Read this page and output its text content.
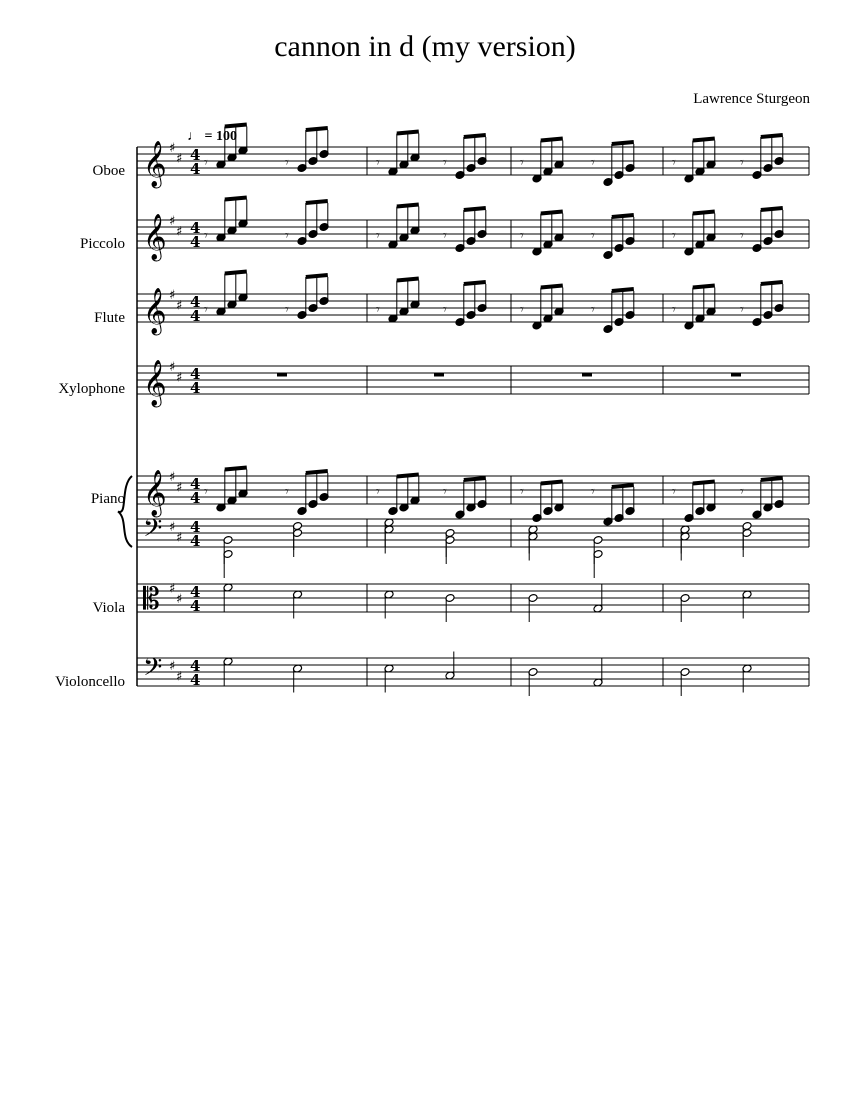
cannon in d (my version)
Lawrence Sturgeon
♩ = 100
Oboe
Piccolo
Flute
Xylophone
Piano
Viola
Violoncello
𝄞 ♯
♯ 4
4
𝄞 ♯
♯ 4
4
𝄞 ♯
♯ 4
4
𝄞 ♯
♯ 4
4
𝄞 ♯
♯ 4
4
𝄢 ♯
♯
4
4
𝄡 ♯
♯ 4
4
𝄢 ♯
♯
4
4
𝄾	𝄾	𝄾	𝄾	𝄾	𝄾	𝄾	𝄾
𝄾	𝄾	𝄾	𝄾	𝄾	𝄾	𝄾	𝄾
𝄾	𝄾	𝄾	𝄾	𝄾	𝄾	𝄾	𝄾
𝄾	𝄾	𝄾	𝄾	𝄾	𝄾	𝄾	𝄾
